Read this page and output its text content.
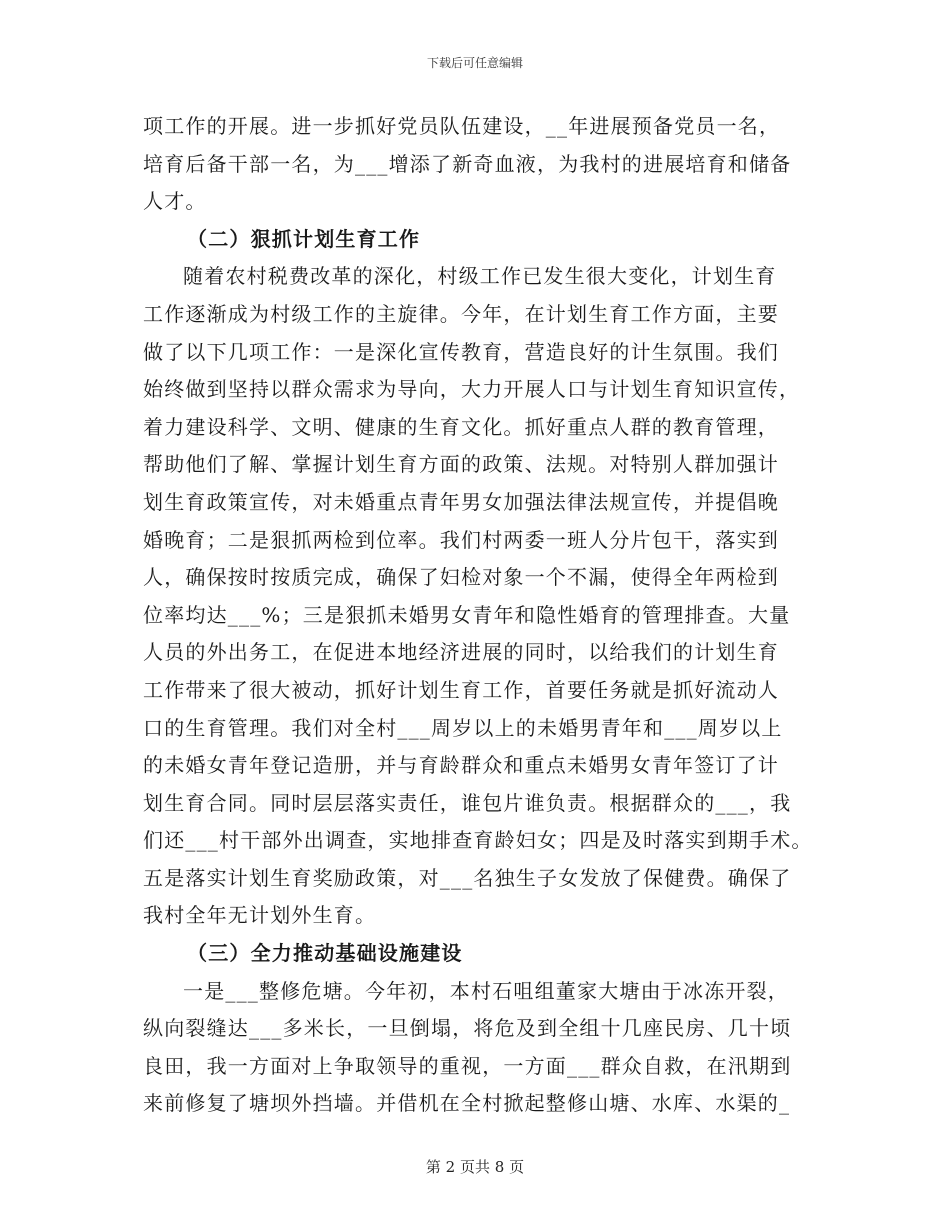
下载后可任意编辑
项工作的开展。进一步抓好党员队伍建设，__年进展预备党员一名，
培育后备干部一名，为___增添了新奇血液，为我村的进展培育和储备
人才。
（二）狠抓计划生育工作
随着农村税费改革的深化，村级工作已发生很大变化，计划生育
工作逐渐成为村级工作的主旋律。今年，在计划生育工作方面，主要
做了以下几项工作：一是深化宣传教育，营造良好的计生氛围。我们
始终做到坚持以群众需求为导向，大力开展人口与计划生育知识宣传，
着力建设科学、文明、健康的生育文化。抓好重点人群的教育管理，
帮助他们了解、掌握计划生育方面的政策、法规。对特别人群加强计
划生育政策宣传，对未婚重点青年男女加强法律法规宣传，并提倡晚
婚晚育；二是狠抓两检到位率。我们村两委一班人分片包干，落实到
人，确保按时按质完成，确保了妇检对象一个不漏，使得全年两检到
位率均达___%；三是狠抓未婚男女青年和隐性婚育的管理排查。大量
人员的外出务工，在促进本地经济进展的同时，以给我们的计划生育
工作带来了很大被动，抓好计划生育工作，首要任务就是抓好流动人
口的生育管理。我们对全村___周岁以上的未婚男青年和___周岁以上
的未婚女青年登记造册，并与育龄群众和重点未婚男女青年签订了计
划生育合同。同时层层落实责任，谁包片谁负责。根据群众的___，我
们还___村干部外出调查，实地排查育龄妇女；四是及时落实到期手术。
五是落实计划生育奖励政策，对___名独生子女发放了保健费。确保了
我村全年无计划外生育。
（三）全力推动基础设施建设
一是___整修危塘。今年初，本村石咀组董家大塘由于冰冻开裂，
纵向裂缝达___多米长，一旦倒塌，将危及到全组十几座民房、几十顷
良田，我一方面对上争取领导的重视，一方面___群众自救，在汛期到
来前修复了塘坝外挡墙。并借机在全村掀起整修山塘、水库、水渠的_
第 2 页共 8 页
